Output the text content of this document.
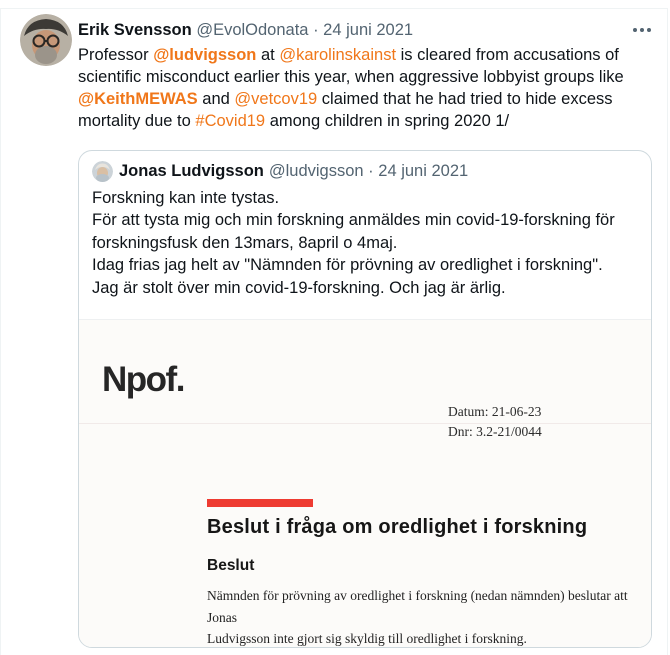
Erik Svensson @EvolOdonata · 24 juni 2021
Professor @ludvigsson at @karolinskainst is cleared from accusations of scientific misconduct earlier this year, when aggressive lobbyist groups like @KeithMEWAS and @vetcov19 claimed that he had tried to hide excess mortality due to #Covid19 among children in spring 2020 1/
Jonas Ludvigsson @ludvigsson · 24 juni 2021
Forskning kan inte tystas.
För att tysta mig och min forskning anmäldes min covid-19-forskning för forskningsfusk den 13mars, 8april o 4maj.
Idag frias jag helt av "Nämnden för prövning av oredlighet i forskning".
Jag är stolt över min covid-19-forskning. Och jag är ärlig.
Npof.
Datum: 21-06-23
Dnr: 3.2-21/0044
Beslut i fråga om oredlighet i forskning
Beslut
Nämnden för prövning av oredlighet i forskning (nedan nämnden) beslutar att Jonas
Ludvigsson inte gjort sig skyldig till oredlighet i forskning.
